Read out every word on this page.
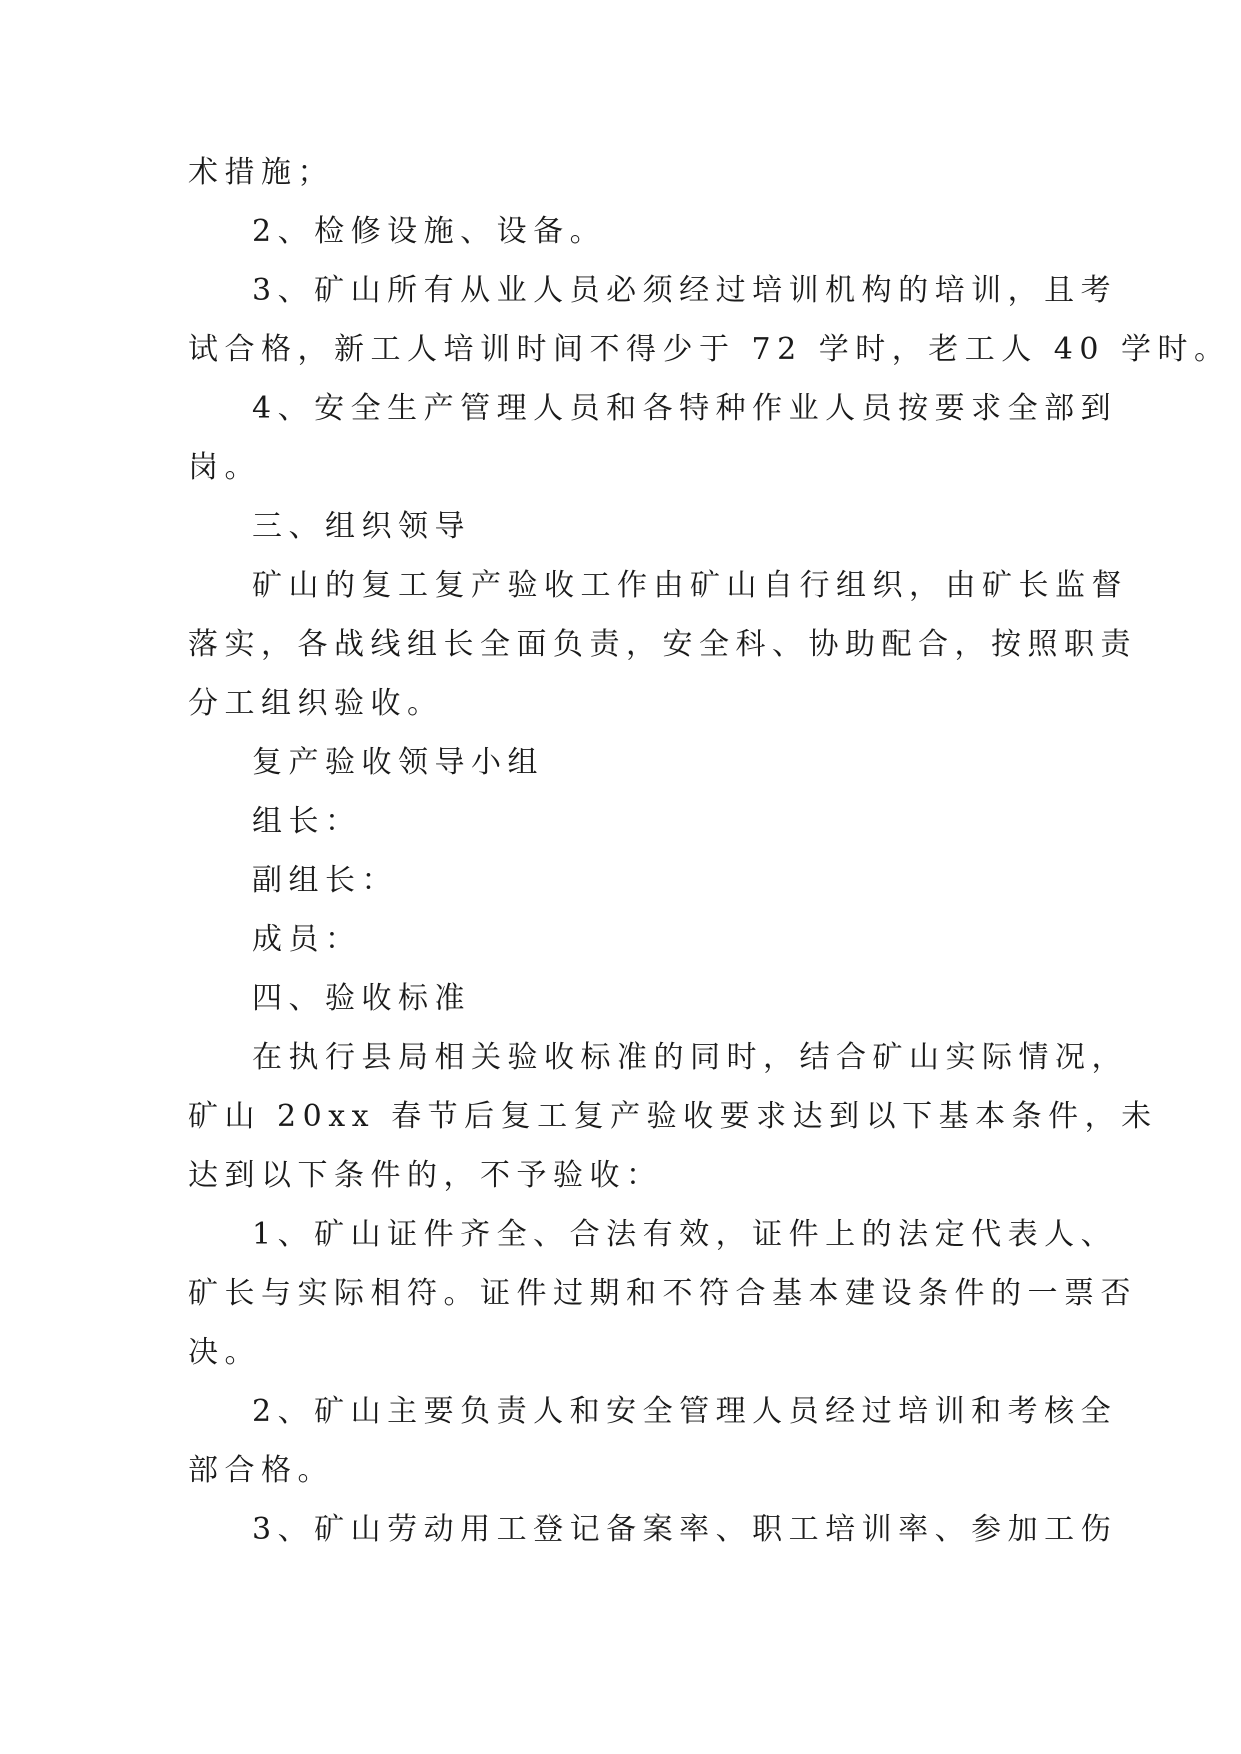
术措施；
2、检修设施、设备。
3、矿山所有从业人员必须经过培训机构的培训，且考
试合格，新工人培训时间不得少于 72 学时，老工人 40 学时。
4、安全生产管理人员和各特种作业人员按要求全部到
岗。
三、组织领导
矿山的复工复产验收工作由矿山自行组织，由矿长监督
落实，各战线组长全面负责，安全科、协助配合，按照职责
分工组织验收。
复产验收领导小组
组长：
副组长：
成员：
四、验收标准
在执行县局相关验收标准的同时，结合矿山实际情况，
矿山 20xx 春节后复工复产验收要求达到以下基本条件，未
达到以下条件的，不予验收：
1、矿山证件齐全、合法有效，证件上的法定代表人、
矿长与实际相符。证件过期和不符合基本建设条件的一票否
决。
2、矿山主要负责人和安全管理人员经过培训和考核全
部合格。
3、矿山劳动用工登记备案率、职工培训率、参加工伤
